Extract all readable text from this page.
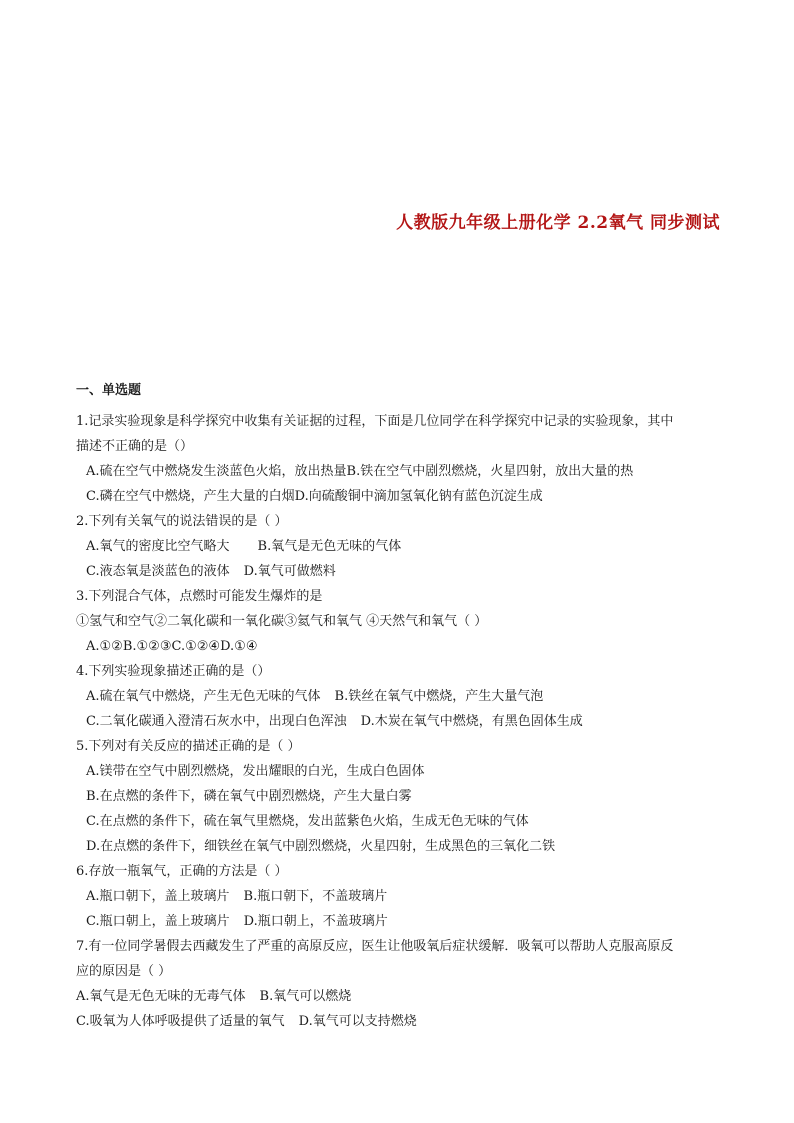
人教版九年级上册化学 2.2氧气 同步测试
一、单选题
1.记录实验现象是科学探究中收集有关证据的过程，下面是几位同学在科学探究中记录的实验现象，其中
描述不正确的是（）
A.硫在空气中燃烧发生淡蓝色火焰，放出热量B.铁在空气中剧烈燃烧，火星四射，放出大量的热
C.磷在空气中燃烧，产生大量的白烟D.向硫酸铜中滴加氢氧化钠有蓝色沉淀生成
2.下列有关氧气的说法错误的是（ ）
A.氧气的密度比空气略大 B.氧气是无色无味的气体
C.液态氧是淡蓝色的液体 D.氧气可做燃料
3.下列混合气体，点燃时可能发生爆炸的是
①氢气和空气②二氧化碳和一氧化碳③氦气和氧气 ④天然气和氧气（ ）
A.①②B.①②③C.①②④D.①④
4.下列实验现象描述正确的是（）
A.硫在氧气中燃烧，产生无色无味的气体 B.铁丝在氧气中燃烧，产生大量气泡
C.二氧化碳通入澄清石灰水中，出现白色浑浊 D.木炭在氧气中燃烧，有黑色固体生成
5.下列对有关反应的描述正确的是（ ）
A.镁带在空气中剧烈燃烧，发出耀眼的白光，生成白色固体
B.在点燃的条件下，磷在氧气中剧烈燃烧，产生大量白雾
C.在点燃的条件下，硫在氧气里燃烧，发出蓝紫色火焰，生成无色无味的气体
D.在点燃的条件下，细铁丝在氧气中剧烈燃烧，火星四射，生成黑色的三氧化二铁
6.存放一瓶氧气，正确的方法是（ ）
A.瓶口朝下，盖上玻璃片 B.瓶口朝下，不盖玻璃片
C.瓶口朝上，盖上玻璃片 D.瓶口朝上，不盖玻璃片
7.有一位同学暑假去西藏发生了严重的高原反应，医生让他吸氧后症状缓解．吸氧可以帮助人克服高原反
应的原因是（ ）
A.氧气是无色无味的无毒气体 B.氧气可以燃烧
C.吸氧为人体呼吸提供了适量的氧气 D.氧气可以支持燃烧
